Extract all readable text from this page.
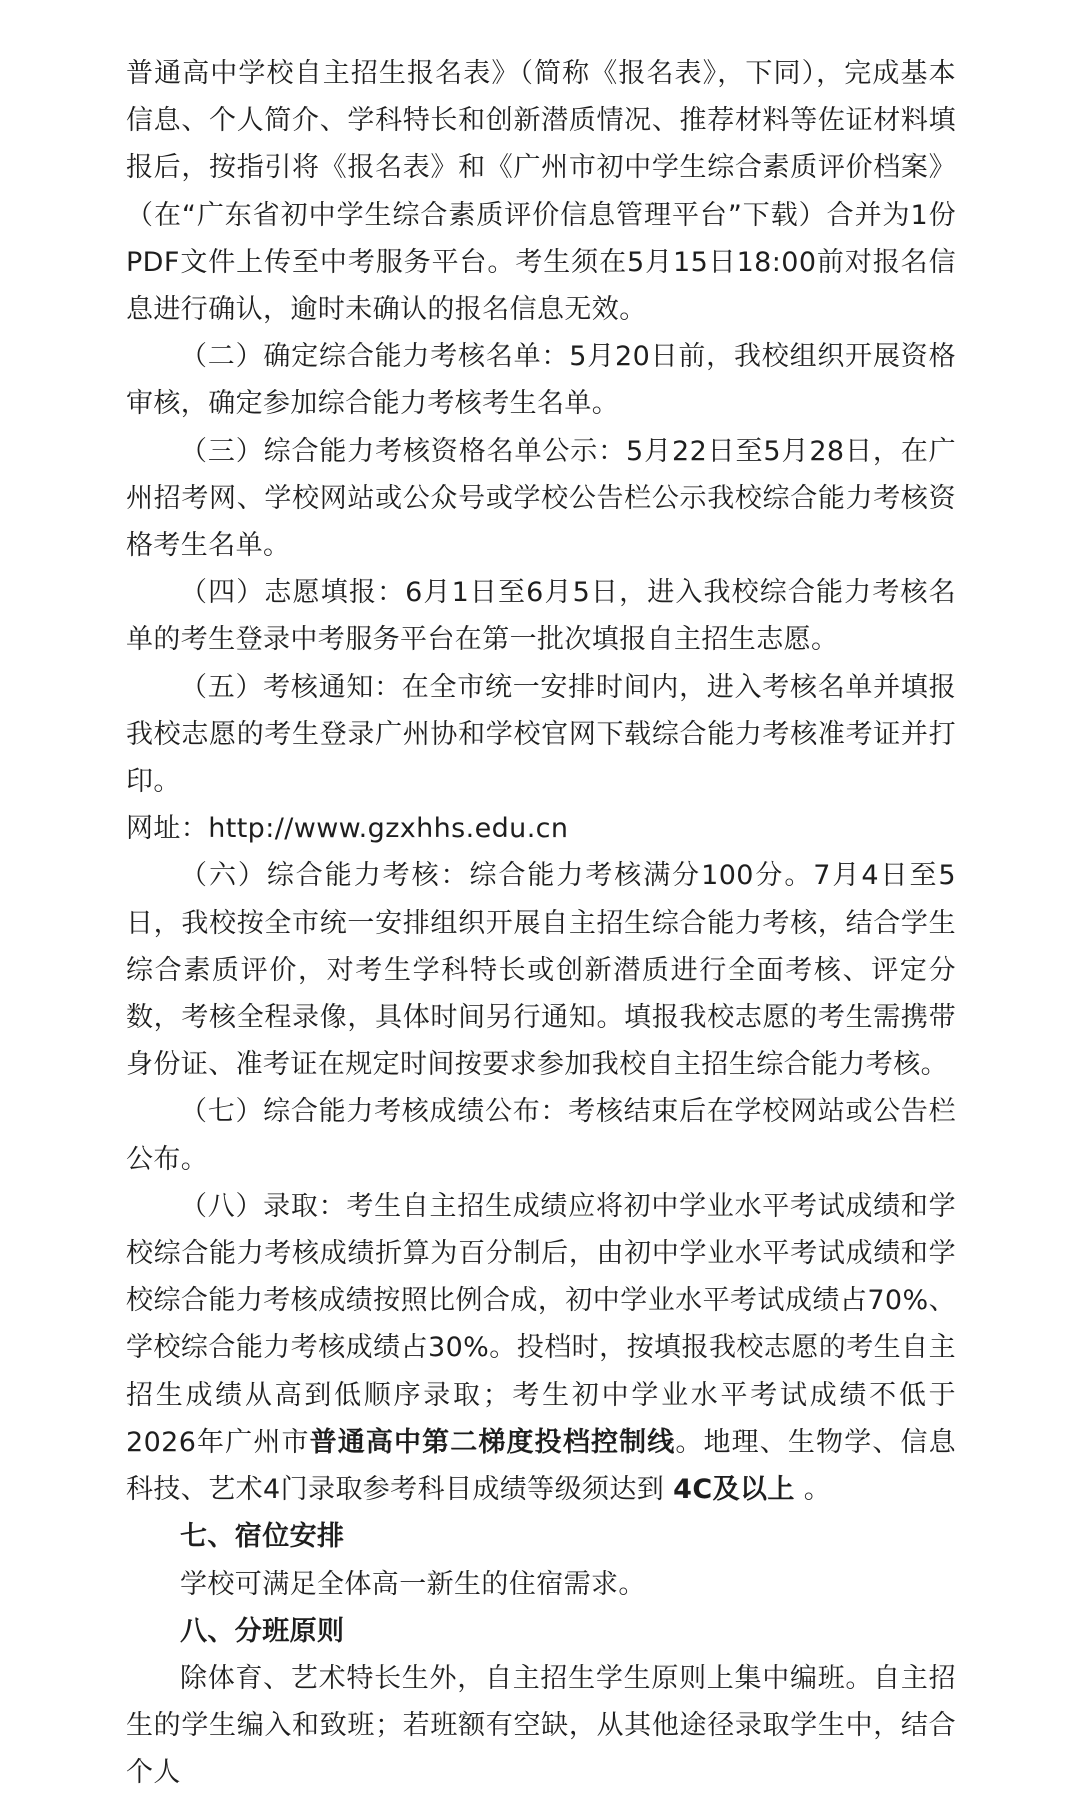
普通高中学校自主招生报名表》（简称《报名表》，下同），完成基本信息、个人简介、学科特长和创新潜质情况、推荐材料等佐证材料填报后，按指引将《报名表》和《广州市初中学生综合素质评价档案》（在“广东省初中学生综合素质评价信息管理平台”下载）合并为1份PDF文件上传至中考服务平台。考生须在5月15日18:00前对报名信息进行确认，逾时未确认的报名信息无效。

（二）确定综合能力考核名单：5月20日前，我校组织开展资格审核，确定参加综合能力考核考生名单。

（三）综合能力考核资格名单公示：5月22日至5月28日，在广州招考网、学校网站或公众号或学校公告栏公示我校综合能力考核资格考生名单。

（四）志愿填报：6月1日至6月5日，进入我校综合能力考核名单的考生登录中考服务平台在第一批次填报自主招生志愿。

（五）考核通知：在全市统一安排时间内，进入考核名单并填报我校志愿的考生登录广州协和学校官网下载综合能力考核准考证并打印。

网址：http://www.gzxhhs.edu.cn

（六）综合能力考核：综合能力考核满分100分。7月4日至5日，我校按全市统一安排组织开展自主招生综合能力考核，结合学生综合素质评价，对考生学科特长或创新潜质进行全面考核、评定分数，考核全程录像，具体时间另行通知。填报我校志愿的考生需携带身份证、准考证在规定时间按要求参加我校自主招生综合能力考核。

（七）综合能力考核成绩公布：考核结束后在学校网站或公告栏公布。

（八）录取：考生自主招生成绩应将初中学业水平考试成绩和学校综合能力考核成绩折算为百分制后，由初中学业水平考试成绩和学校综合能力考核成绩按照比例合成，初中学业水平考试成绩占70%、学校综合能力考核成绩占30%。投档时，按填报我校志愿的考生自主招生成绩从高到低顺序录取；考生初中学业水平考试成绩不低于2026年广州市普通高中第二梯度投档控制线。地理、生物学、信息科技、艺术4门录取参考科目成绩等级须达到 4C及以上 。

七、宿位安排

学校可满足全体高一新生的住宿需求。

八、分班原则

除体育、艺术特长生外，自主招生学生原则上集中编班。自主招生的学生编入和致班；若班额有空缺，从其他途径录取学生中，结合个人
